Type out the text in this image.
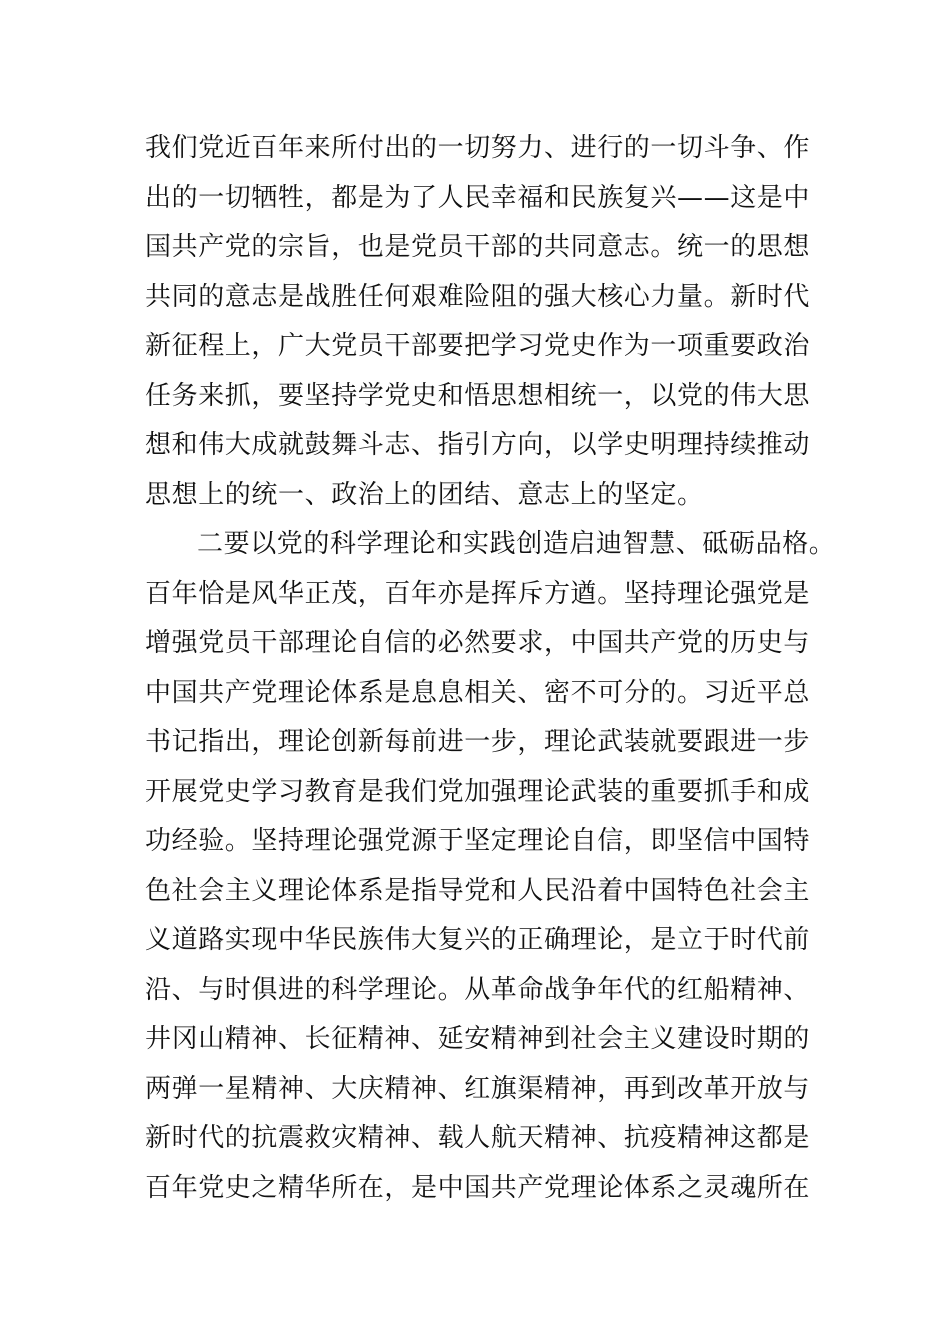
我们党近百年来所付出的一切努力、进行的一切斗争、作
出的一切牺牲，都是为了人民幸福和民族复兴——这是中
国共产党的宗旨，也是党员干部的共同意志。统一的思想
共同的意志是战胜任何艰难险阻的强大核心力量。新时代
新征程上，广大党员干部要把学习党史作为一项重要政治
任务来抓，要坚持学党史和悟思想相统一，以党的伟大思
想和伟大成就鼓舞斗志、指引方向，以学史明理持续推动
思想上的统一、政治上的团结、意志上的坚定。
二要以党的科学理论和实践创造启迪智慧、砥砺品格。
百年恰是风华正茂，百年亦是挥斥方遒。坚持理论强党是
增强党员干部理论自信的必然要求，中国共产党的历史与
中国共产党理论体系是息息相关、密不可分的。习近平总
书记指出，理论创新每前进一步，理论武装就要跟进一步
开展党史学习教育是我们党加强理论武装的重要抓手和成
功经验。坚持理论强党源于坚定理论自信，即坚信中国特
色社会主义理论体系是指导党和人民沿着中国特色社会主
义道路实现中华民族伟大复兴的正确理论，是立于时代前
沿、与时俱进的科学理论。从革命战争年代的红船精神、
井冈山精神、长征精神、延安精神到社会主义建设时期的
两弹一星精神、大庆精神、红旗渠精神，再到改革开放与
新时代的抗震救灾精神、载人航天精神、抗疫精神这都是
百年党史之精华所在，是中国共产党理论体系之灵魂所在
